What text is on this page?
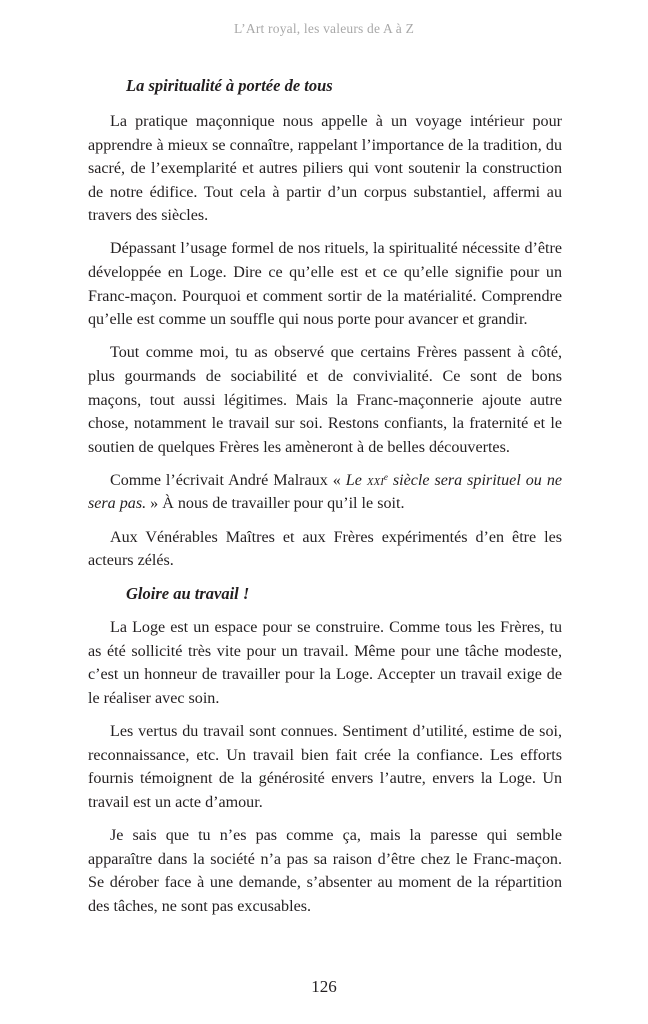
L’Art royal, les valeurs de A à Z
La spiritualité à portée de tous

La pratique maçonnique nous appelle à un voyage intérieur pour apprendre à mieux se connaître, rappelant l’importance de la tradition, du sacré, de l’exemplarité et autres piliers qui vont soutenir la construction de notre édifice. Tout cela à partir d’un corpus substantiel, affermi au travers des siècles.

Dépassant l’usage formel de nos rituels, la spiritualité nécessite d’être développée en Loge. Dire ce qu’elle est et ce qu’elle signifie pour un Franc-maçon. Pourquoi et comment sortir de la matérialité. Comprendre qu’elle est comme un souffle qui nous porte pour avancer et grandir.

Tout comme moi, tu as observé que certains Frères passent à côté, plus gourmands de sociabilité et de convivialité. Ce sont de bons maçons, tout aussi légitimes. Mais la Franc-maçonnerie ajoute autre chose, notamment le travail sur soi. Restons confiants, la fraternité et le soutien de quelques Frères les amèneront à de belles découvertes.

Comme l’écrivait André Malraux « Le xxi$^e$ siècle sera spirituel ou ne sera pas. » À nous de travailler pour qu’il le soit.

Aux Vénérables Maîtres et aux Frères expérimentés d’en être les acteurs zélés.

Gloire au travail !

La Loge est un espace pour se construire. Comme tous les Frères, tu as été sollicité très vite pour un travail. Même pour une tâche modeste, c’est un honneur de travailler pour la Loge. Accepter un travail exige de le réaliser avec soin.

Les vertus du travail sont connues. Sentiment d’utilité, estime de soi, reconnaissance, etc. Un travail bien fait crée la confiance. Les efforts fournis témoignent de la générosité envers l’autre, envers la Loge. Un travail est un acte d’amour.

Je sais que tu n’es pas comme ça, mais la paresse qui semble apparaître dans la société n’a pas sa raison d’être chez le Franc-maçon. Se dérober face à une demande, s’absenter au moment de la répartition des tâches, ne sont pas excusables.

126
